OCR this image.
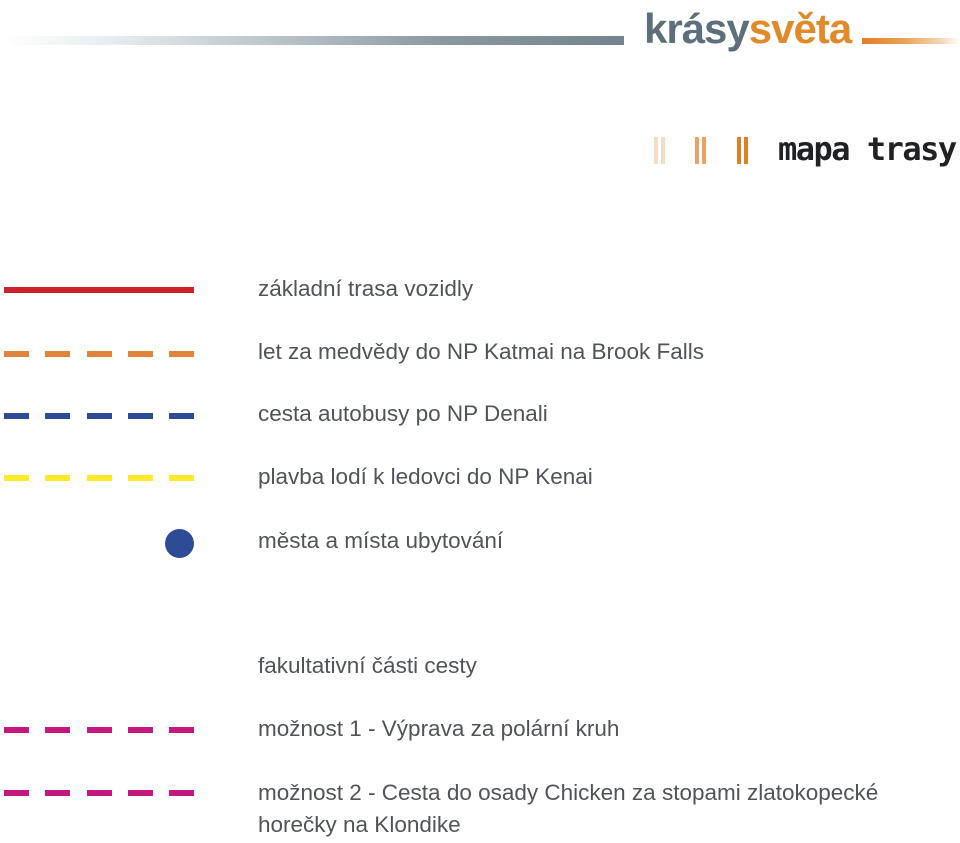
krásysvěta
mapa trasy
základní trasa vozidly
let za medvědy do NP Katmai na Brook Falls
cesta autobusy po NP Denali
plavba lodí k ledovci do NP Kenai
města a místa ubytování
fakultativní části cesty
možnost 1 - Výprava za polární kruh
možnost 2 - Cesta do osady Chicken za stopami zlatokopecké horečky na Klondike
